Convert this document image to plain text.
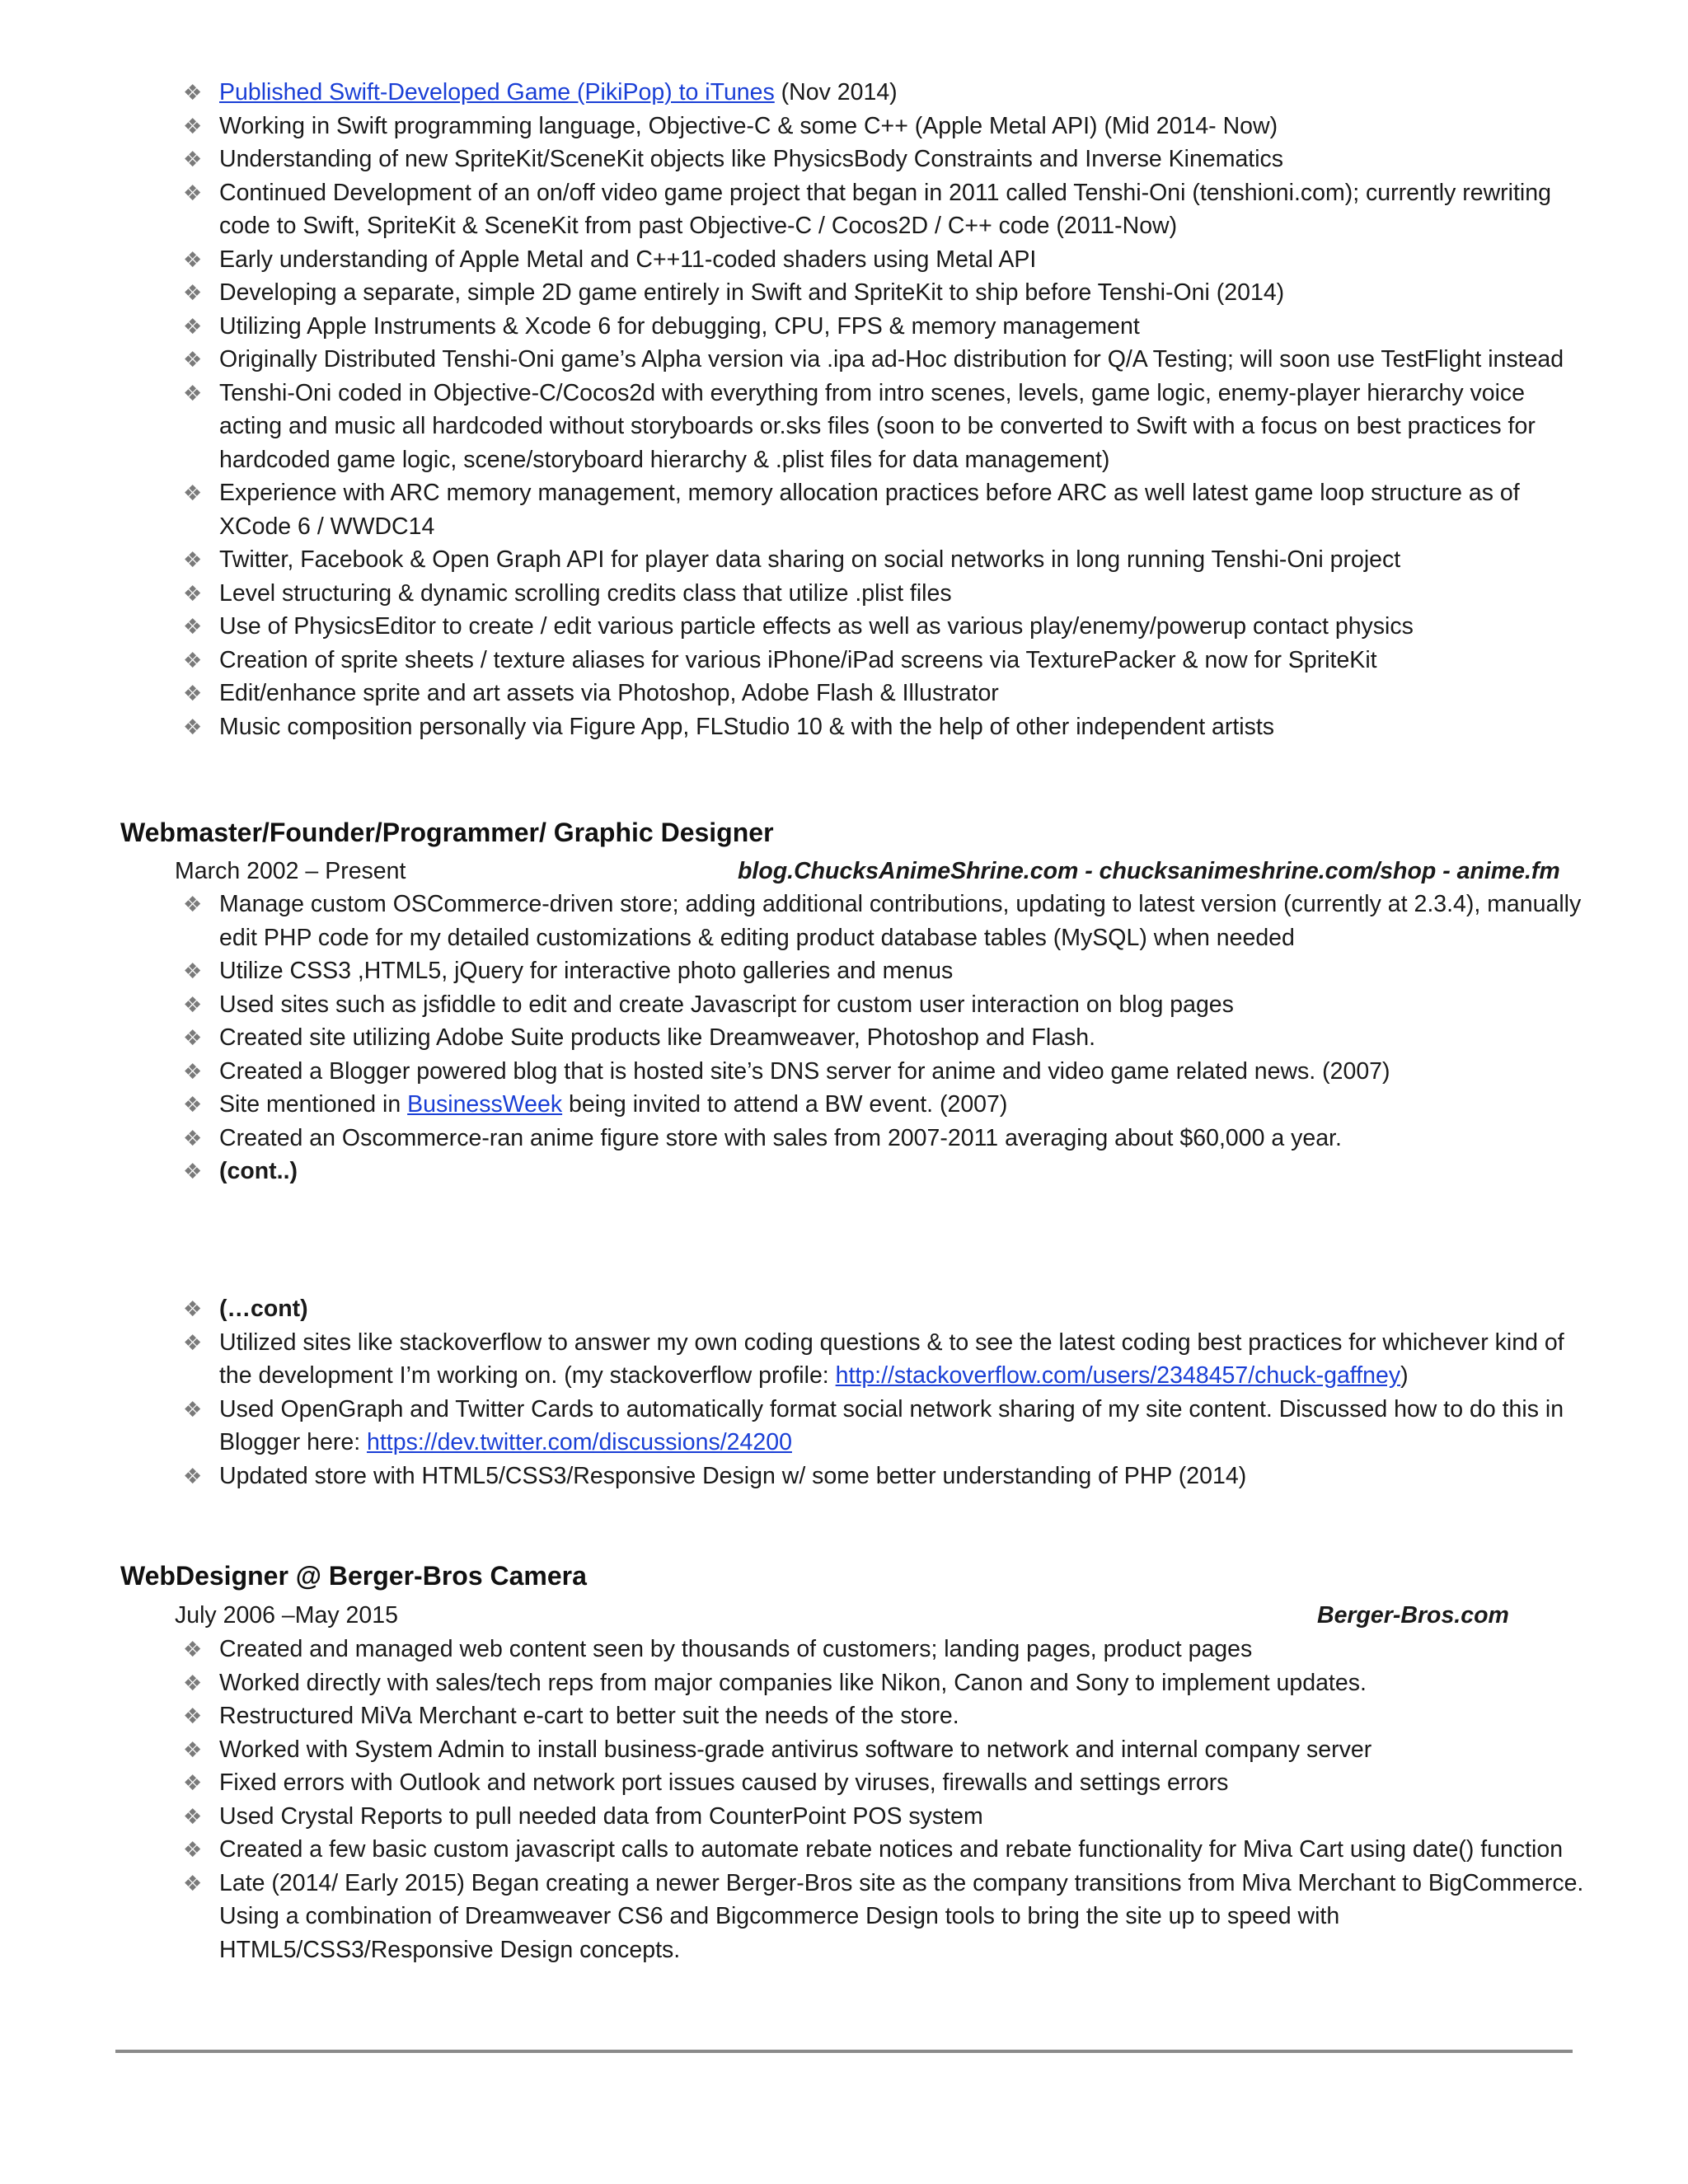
❖ Published Swift-Developed Game (PikiPop) to iTunes (Nov 2014)
❖ Working in Swift programming language, Objective-C & some C++ (Apple Metal API) (Mid 2014- Now)
❖ Understanding of new SpriteKit/SceneKit objects like PhysicsBody Constraints and Inverse Kinematics
❖ Continued Development of an on/off video game project that began in 2011 called Tenshi-Oni (tenshioni.com); currently rewriting code to Swift, SpriteKit & SceneKit from past Objective-C / Cocos2D / C++ code (2011-Now)
❖ Early understanding of Apple Metal and C++11-coded shaders using Metal API
❖ Developing a separate, simple 2D game entirely in Swift and SpriteKit to ship before Tenshi-Oni (2014)
❖ Utilizing Apple Instruments & Xcode 6 for debugging, CPU, FPS & memory management
❖ Originally Distributed Tenshi-Oni game’s Alpha version via .ipa ad-Hoc distribution for Q/A Testing; will soon use TestFlight instead
❖ Tenshi-Oni coded in Objective-C/Cocos2d with everything from intro scenes, levels, game logic, enemy-player hierarchy voice acting and music all hardcoded without storyboards or.sks files (soon to be converted to Swift with a focus on best practices for hardcoded game logic, scene/storyboard hierarchy & .plist files for data management)
❖ Experience with ARC memory management, memory allocation practices before ARC as well latest game loop structure as of XCode 6 / WWDC14
❖ Twitter, Facebook & Open Graph API for player data sharing on social networks in long running Tenshi-Oni project
❖ Level structuring & dynamic scrolling credits class that utilize .plist files
❖ Use of PhysicsEditor to create / edit various particle effects as well as various play/enemy/powerup contact physics
❖ Creation of sprite sheets / texture aliases for various iPhone/iPad screens via TexturePacker & now for SpriteKit
❖ Edit/enhance sprite and art assets via Photoshop, Adobe Flash & Illustrator
❖ Music composition personally via Figure App, FLStudio 10 & with the help of other independent artists
Webmaster/Founder/Programmer/ Graphic Designer
March 2002 – Present	blog.ChucksAnimeShrine.com - chucksanimeshrine.com/shop - anime.fm
❖ Manage custom OSCommerce-driven store; adding additional contributions, updating to latest version (currently at 2.3.4), manually edit PHP code for my detailed customizations & editing product database tables (MySQL) when needed
❖ Utilize CSS3 ,HTML5, jQuery for interactive photo galleries and menus
❖ Used sites such as jsfiddle to edit and create Javascript for custom user interaction on blog pages
❖ Created site utilizing Adobe Suite products like Dreamweaver, Photoshop and Flash.
❖ Created a Blogger powered blog that is hosted site’s DNS server for anime and video game related news. (2007)
❖ Site mentioned in BusinessWeek being invited to attend a BW event. (2007)
❖ Created an Oscommerce-ran anime figure store with sales from 2007-2011 averaging about $60,000 a year.
❖ (cont..)
❖ (…cont)
❖ Utilized sites like stackoverflow to answer my own coding questions & to see the latest coding best practices for whichever kind of the development I’m working on. (my stackoverflow profile: http://stackoverflow.com/users/2348457/chuck-gaffney)
❖ Used OpenGraph and Twitter Cards to automatically format social network sharing of my site content. Discussed how to do this in Blogger here: https://dev.twitter.com/discussions/24200
❖ Updated store with HTML5/CSS3/Responsive Design w/ some better understanding of PHP (2014)
WebDesigner @ Berger-Bros Camera
July 2006 –May 2015	Berger-Bros.com
❖ Created and managed web content seen by thousands of customers; landing pages, product pages
❖ Worked directly with sales/tech reps from major companies like Nikon, Canon and Sony to implement updates.
❖ Restructured MiVa Merchant e-cart to better suit the needs of the store.
❖ Worked with System Admin to install business-grade antivirus software to network and internal company server
❖ Fixed errors with Outlook and network port issues caused by viruses, firewalls and settings errors
❖ Used Crystal Reports to pull needed data from CounterPoint POS system
❖ Created a few basic custom javascript calls to automate rebate notices and rebate functionality for Miva Cart using date() function
❖ Late (2014/ Early 2015) Began creating a newer Berger-Bros site as the company transitions from Miva Merchant to BigCommerce. Using a combination of Dreamweaver CS6 and Bigcommerce Design tools to bring the site up to speed with HTML5/CSS3/Responsive Design concepts.
